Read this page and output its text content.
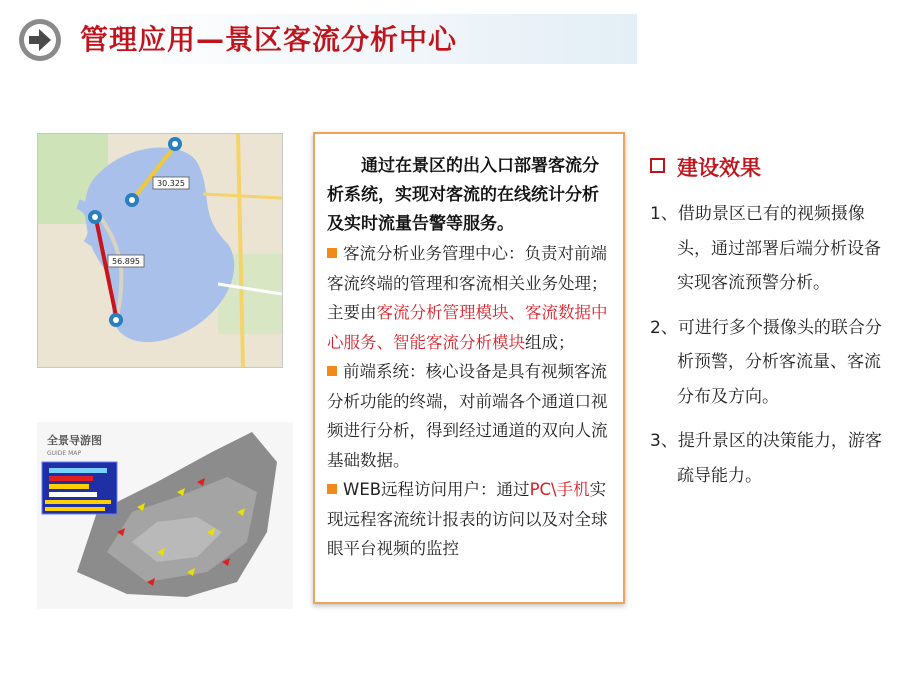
管理应用—景区客流分析中心
30.325
56.895
全景导游图
GUIDE MAP

通过在景区的出入口部署客流分析系统，实现对客流的在线统计分析及实时流量告警等服务。

客流分析业务管理中心：负责对前端客流终端的管理和客流相关业务处理；主要由客流分析管理模块、客流数据中心服务、智能客流分析模块组成；

前端系统：核心设备是具有视频客流分析功能的终端，对前端各个通道口视频进行分析，得到经过通道的双向人流基础数据。

WEB远程访问用户：通过PC\手机实现远程客流统计报表的访问以及对全球眼平台视频的监控

建设效果
1、借助景区已有的视频摄像头，通过部署后端分析设备实现客流预警分析。
2、可进行多个摄像头的联合分析预警，分析客流量、客流分布及方向。
3、提升景区的决策能力，游客疏导能力。
